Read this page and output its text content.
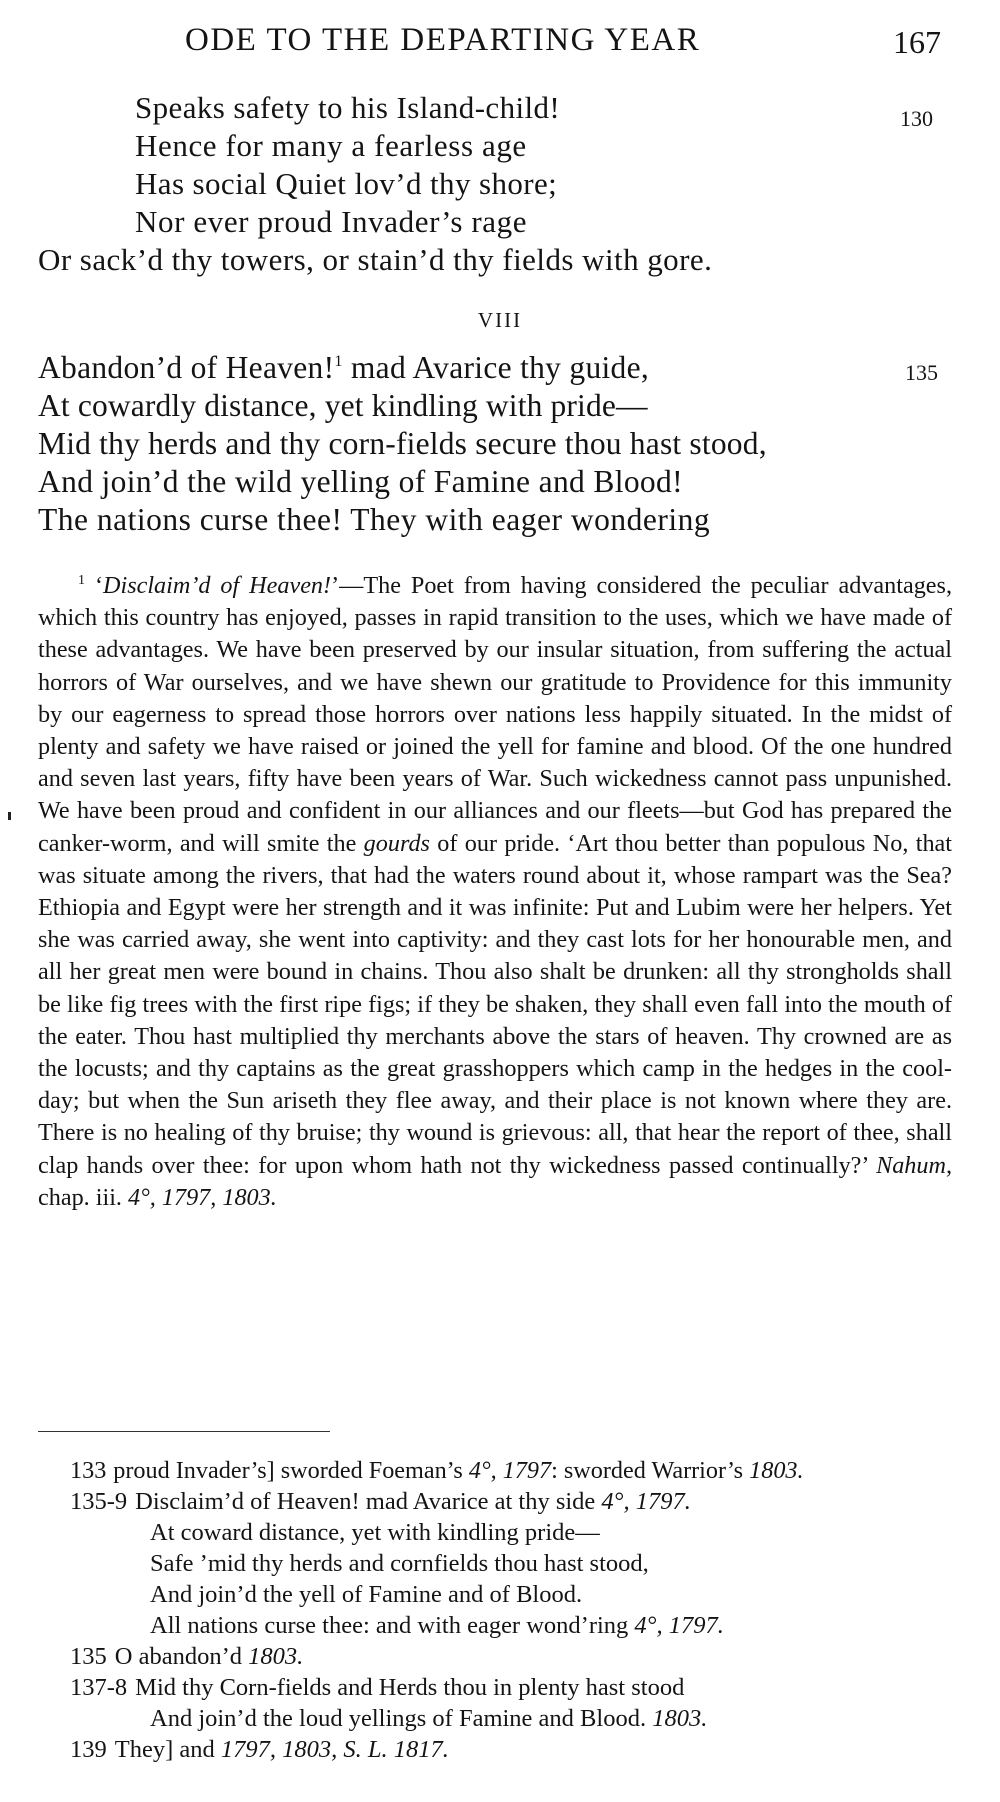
ODE TO THE DEPARTING YEAR	167
Speaks safety to his Island-child!
Hence for many a fearless age
Has social Quiet lov’d thy shore;
Nor ever proud Invader’s rage
Or sack’d thy towers, or stain’d thy fields with gore.
130
VIII
Abandon’d of Heaven!$^1$ mad Avarice thy guide,
At cowardly distance, yet kindling with pride—
Mid thy herds and thy corn-fields secure thou hast stood,
And join’d the wild yelling of Famine and Blood!
The nations curse thee! They with eager wondering
135

$^1$ ‘Disclaim’d of Heaven!’—The Poet from having considered the peculiar advantages, which this country has enjoyed, passes in rapid transition to the uses, which we have made of these advantages. We have been preserved by our insular situation, from suffering the actual horrors of War ourselves, and we have shewn our gratitude to Providence for this immunity by our eagerness to spread those horrors over nations less happily situated. In the midst of plenty and safety we have raised or joined the yell for famine and blood. Of the one hundred and seven last years, fifty have been years of War. Such wickedness cannot pass unpunished. We have been proud and confident in our alliances and our fleets—but God has prepared the canker-worm, and will smite the gourds of our pride. ‘Art thou better than populous No, that was situate among the rivers, that had the waters round about it, whose rampart was the Sea? Ethiopia and Egypt were her strength and it was infinite: Put and Lubim were her helpers. Yet she was carried away, she went into captivity: and they cast lots for her honourable men, and all her great men were bound in chains. Thou also shalt be drunken: all thy strongholds shall be like fig trees with the first ripe figs; if they be shaken, they shall even fall into the mouth of the eater. Thou hast multiplied thy merchants above the stars of heaven. Thy crowned are as the locusts; and thy captains as the great grasshoppers which camp in the hedges in the cool-day; but when the Sun ariseth they flee away, and their place is not known where they are. There is no healing of thy bruise; thy wound is grievous: all, that hear the report of thee, shall clap hands over thee: for upon whom hath not thy wickedness passed continually?’ Nahum, chap. iii. 4°, 1797, 1803.

133 proud Invader’s] sworded Foeman’s 4°, 1797: sworded Warrior’s 1803.
135-9 Disclaim’d of Heaven! mad Avarice at thy side 4°, 1797.
At coward distance, yet with kindling pride—
Safe ’mid thy herds and cornfields thou hast stood,
And join’d the yell of Famine and of Blood.
All nations curse thee: and with eager wond’ring 4°, 1797.
135 O abandon’d 1803.
137-8 Mid thy Corn-fields and Herds thou in plenty hast stood
And join’d the loud yellings of Famine and Blood. 1803.
139 They] and 1797, 1803, S. L. 1817.
